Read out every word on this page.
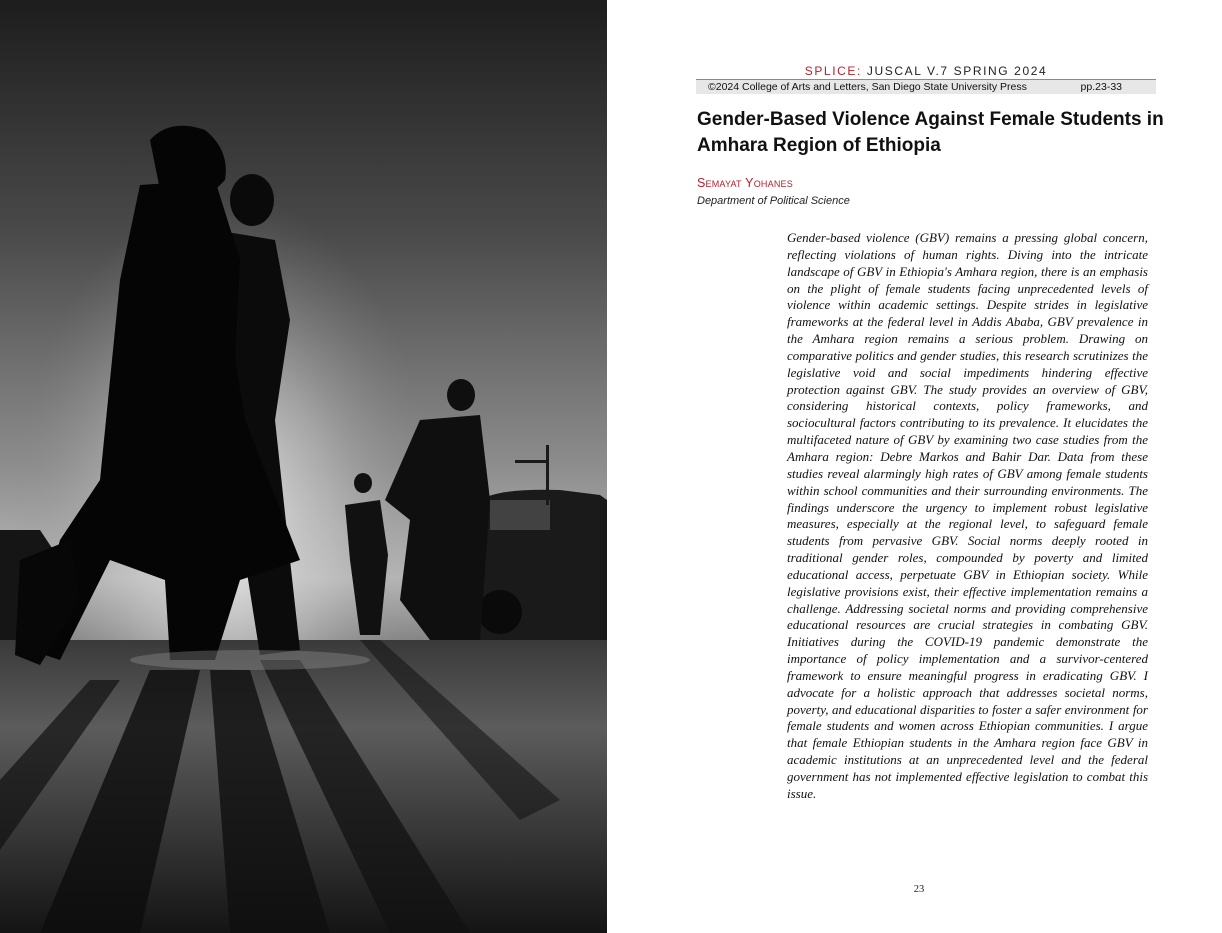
SPLICE: JUSCAL V.7 SPRING 2024
©2024 College of Arts and Letters, San Diego State University Press	pp.23-33
Gender-Based Violence Against Female Students in Amhara Region of Ethiopia
Semayat Yohanes
Department of Political Science

Gender-based violence (GBV) remains a pressing global concern, reflecting violations of human rights. Diving into the intricate landscape of GBV in Ethiopia's Amhara region, there is an emphasis on the plight of female students facing unprecedented levels of violence within academic settings. Despite strides in legislative frameworks at the federal level in Addis Ababa, GBV prevalence in the Amhara region remains a serious problem. Drawing on comparative politics and gender studies, this research scrutinizes the legislative void and social impediments hindering effective protection against GBV. The study provides an overview of GBV, considering historical contexts, policy frameworks, and sociocultural factors contributing to its prevalence. It elucidates the multifaceted nature of GBV by examining two case studies from the Amhara region: Debre Markos and Bahir Dar. Data from these studies reveal alarmingly high rates of GBV among female students within school communities and their surrounding environments. The findings underscore the urgency to implement robust legislative measures, especially at the regional level, to safeguard female students from pervasive GBV. Social norms deeply rooted in traditional gender roles, compounded by poverty and limited educational access, perpetuate GBV in Ethiopian society. While legislative provisions exist, their effective implementation remains a challenge. Addressing societal norms and providing comprehensive educational resources are crucial strategies in combating GBV. Initiatives during the COVID-19 pandemic demonstrate the importance of policy implementation and a survivor-centered framework to ensure meaningful progress in eradicating GBV. I advocate for a holistic approach that addresses societal norms, poverty, and educational disparities to foster a safer environment for female students and women across Ethiopian communities. I argue that female Ethiopian students in the Amhara region face GBV in academic institutions at an unprecedented level and the federal government has not implemented effective legislation to combat this issue.

23
